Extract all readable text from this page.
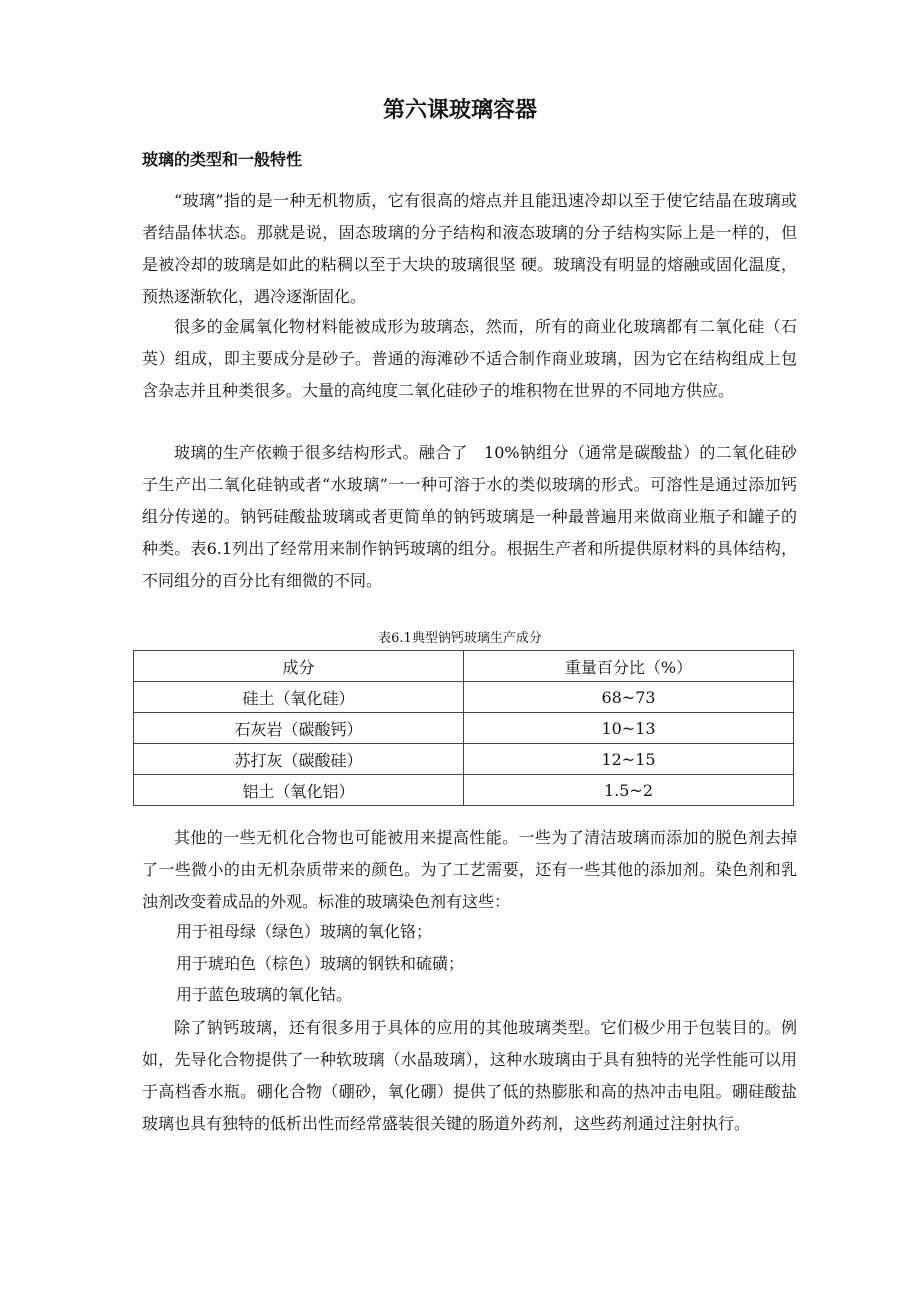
第六课玻璃容器
玻璃的类型和一般特性

“玻璃”指的是一种无机物质，它有很高的熔点并且能迅速冷却以至于使它结晶在玻璃或者结晶体状态。那就是说，固态玻璃的分子结构和液态玻璃的分子结构实际上是一样的，但是被冷却的玻璃是如此的粘稠以至于大块的玻璃很坚 硬。玻璃没有明显的熔融或固化温度，预热逐渐软化，遇冷逐渐固化。

很多的金属氧化物材料能被成形为玻璃态，然而，所有的商业化玻璃都有二氧化硅（石英）组成，即主要成分是砂子。普通的海滩砂不适合制作商业玻璃，因为它在结构组成上包含杂志并且种类很多。大量的高纯度二氧化硅砂子的堆积物在世界的不同地方供应。

玻璃的生产依赖于很多结构形式。融合了　10%钠组分（通常是碳酸盐）的二氧化硅砂子生产出二氧化硅钠或者“水玻璃”一一种可溶于水的类似玻璃的形式。可溶性是通过添加钙组分传递的。钠钙硅酸盐玻璃或者更简单的钠钙玻璃是一种最普遍用来做商业瓶子和罐子的种类。表6.1列出了经常用来制作钠钙玻璃的组分。根据生产者和所提供原材料的具体结构，不同组分的百分比有细微的不同。

表6.1典型钠钙玻璃生产成分
成分	重量百分比（%）
硅土（氧化硅）	68~73
石灰岩（碳酸钙）	10~13
苏打灰（碳酸硅）	12~15
铝土（氧化铝）	1.5~2

其他的一些无机化合物也可能被用来提高性能。一些为了清洁玻璃而添加的脱色剂去掉了一些微小的由无机杂质带来的颜色。为了工艺需要，还有一些其他的添加剂。染色剂和乳浊剂改变着成品的外观。标准的玻璃染色剂有这些：

用于祖母绿（绿色）玻璃的氧化铬；

用于琥珀色（棕色）玻璃的钢铁和硫磺；

用于蓝色玻璃的氧化钴。

除了钠钙玻璃，还有很多用于具体的应用的其他玻璃类型。它们极少用于包装目的。例如，先导化合物提供了一种软玻璃（水晶玻璃），这种水玻璃由于具有独特的光学性能可以用于高档香水瓶。硼化合物（硼砂，氧化硼）提供了低的热膨胀和高的热冲击电阻。硼硅酸盐玻璃也具有独特的低析出性而经常盛装很关键的肠道外药剂，这些药剂通过注射执行。
